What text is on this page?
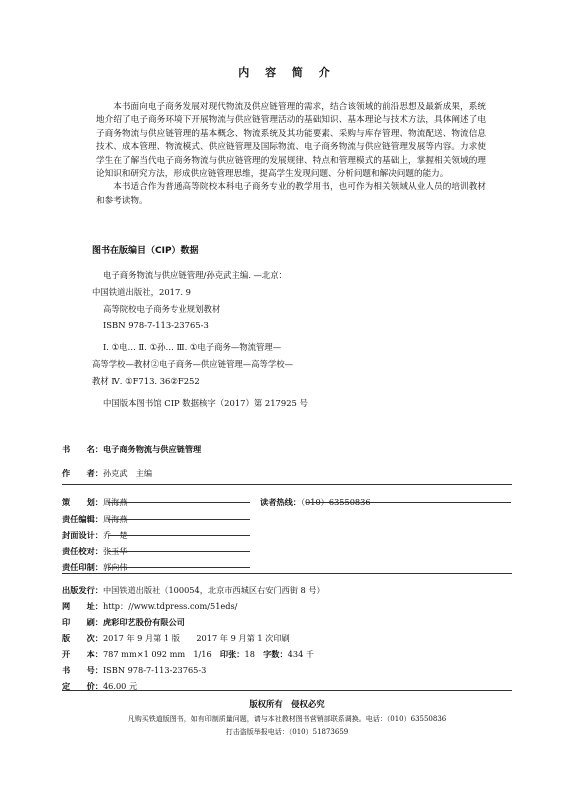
内 容 简 介

本书面向电子商务发展对现代物流及供应链管理的需求，结合该领域的前沿思想及最新成果，系统地介绍了电子商务环境下开展物流与供应链管理活动的基础知识、基本理论与技术方法，具体阐述了电子商务物流与供应链管理的基本概念、物流系统及其功能要素、采购与库存管理、物流配送、物流信息技术、成本管理、物流模式、供应链管理及国际物流、电子商务物流与供应链管理发展等内容。力求使学生在了解当代电子商务物流与供应链管理的发展规律、特点和管理模式的基础上，掌握相关领域的理论知识和研究方法，形成供应链管理思维，提高学生发现问题、分析问题和解决问题的能力。

本书适合作为普通高等院校本科电子商务专业的教学用书，也可作为相关领域从业人员的培训教材和参考读物。

图书在版编目（CIP）数据
电子商务物流与供应链管理/孙克武主编. —北京：
中国铁道出版社，2017. 9
高等院校电子商务专业规划教材
ISBN 978-7-113-23765-3
Ⅰ. ①电… Ⅱ. ①孙… Ⅲ. ①电子商务—物流管理—
高等学校—教材②电子商务—供应链管理—高等学校—
教材 Ⅳ. ①F713. 36②F252
中国版本图书馆 CIP 数据核字（2017）第 217925 号
书　　名：电子商务物流与供应链管理
作　　者：孙克武　主编
策　　划：周海燕	读者热线：（010）63550836
责任编辑：周海燕
封面设计：乔　楚
责任校对：张玉华
责任印制：郭向伟
出版发行：中国铁道出版社（100054，北京市西城区右安门西街 8 号）
网　　址：http：//www.tdpress.com/51eds/
印　　刷：虎彩印艺股份有限公司
版　　次：2017 年 9 月第 1 版　　2017 年 9 月第 1 次印刷
开　　本：787 mm×1 092 mm　1/16　印张：18　字数：434 千
书　　号：ISBN 978-7-113-23765-3
定　　价：46.00 元
版权所有　侵权必究
凡购买铁道版图书，如有印制质量问题，请与本社教材图书营销部联系调换。电话：（010）63550836
打击盗版举报电话：（010）51873659
